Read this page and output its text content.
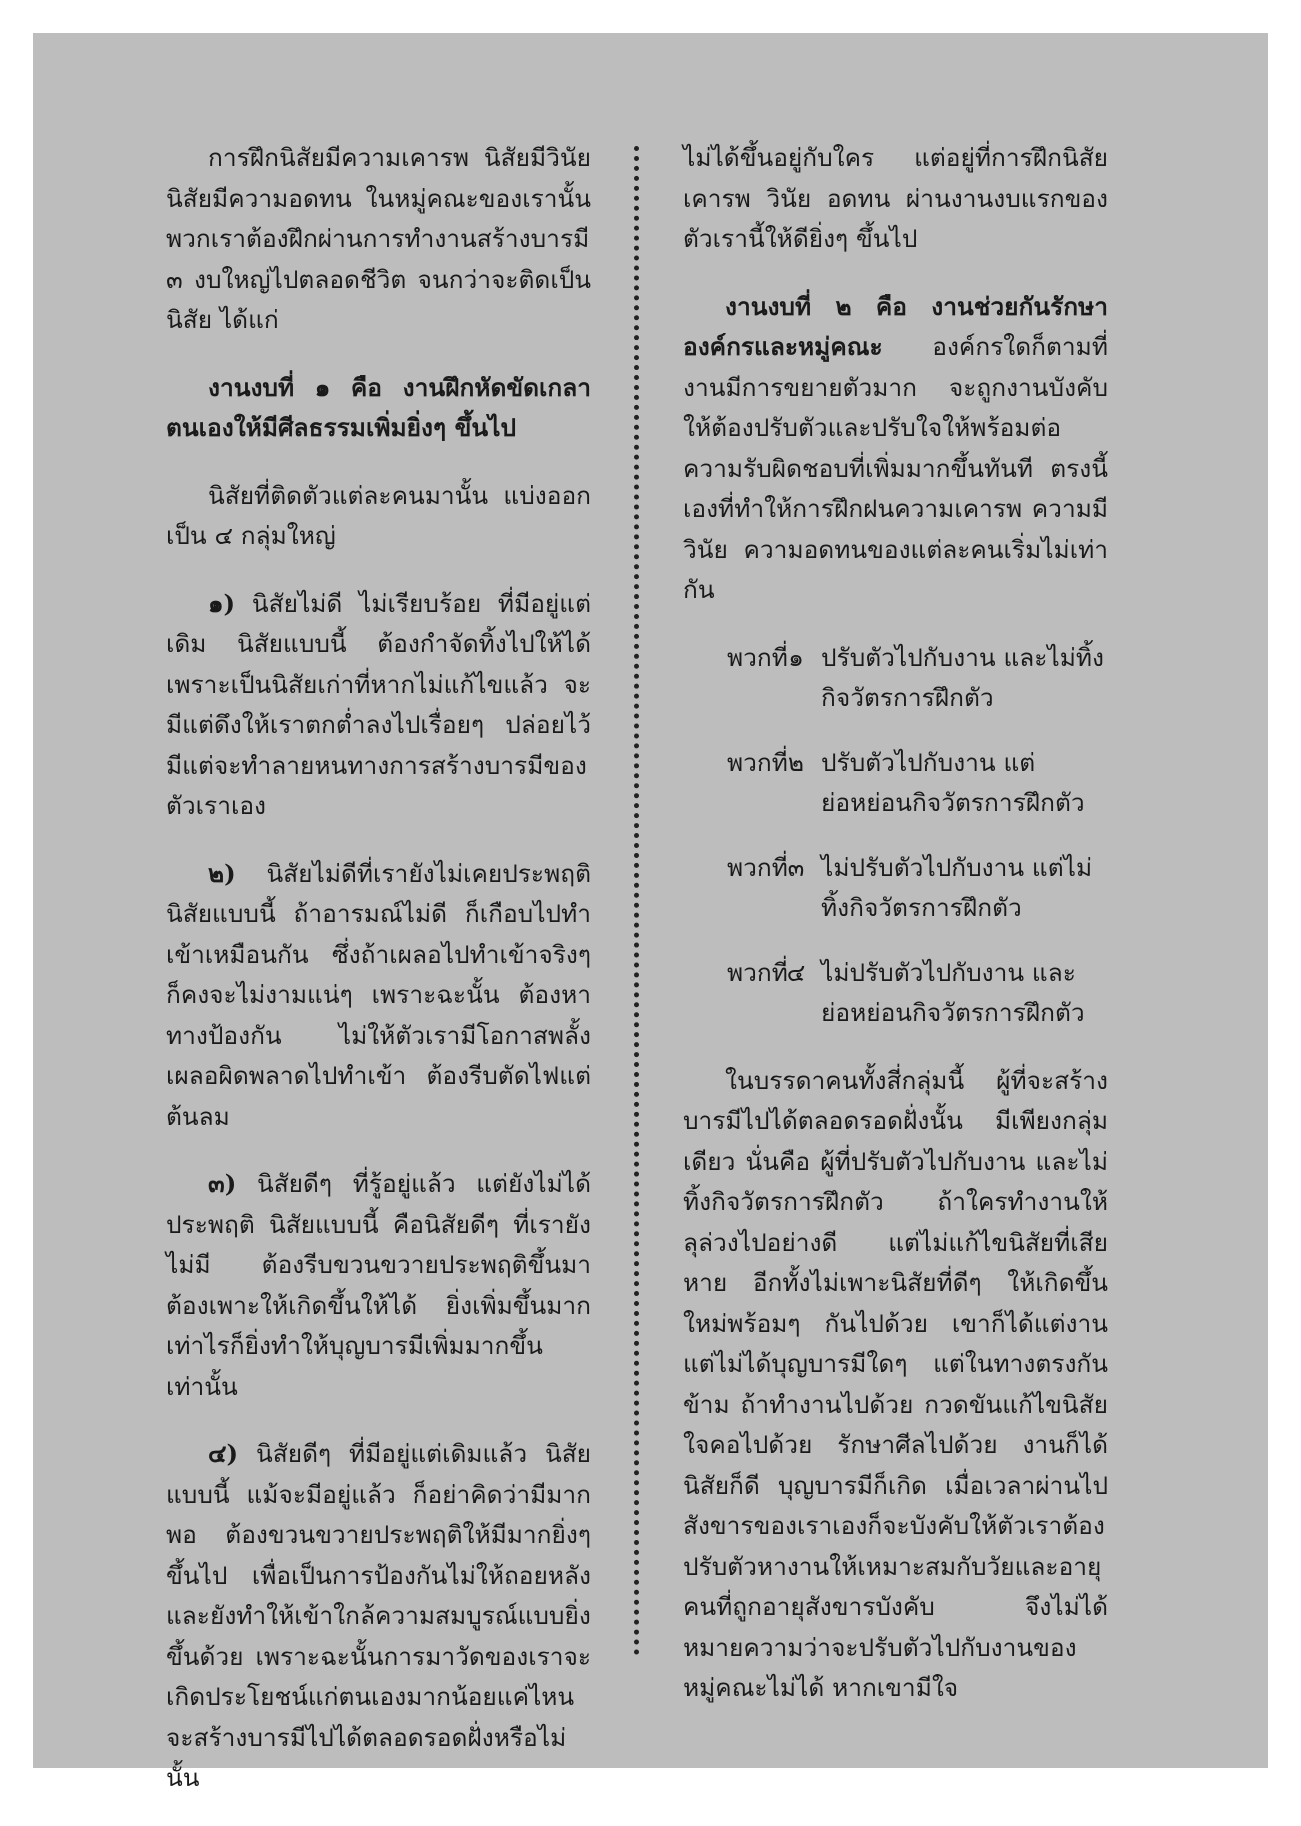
การฝึกนิสัยมีความเคารพ นิสัยมีวินัย นิสัยมีความอดทน ในหมู่คณะของเรานั้น พวกเราต้องฝึกผ่านการทำงานสร้างบารมี ๓ งบใหญ่ไปตลอดชีวิต จนกว่าจะติดเป็นนิสัย ได้แก่

งานงบที่ ๑ คือ งานฝึกหัดขัดเกลาตนเองให้มีศีลธรรมเพิ่มยิ่งๆ ขึ้นไป

นิสัยที่ติดตัวแต่ละคนมานั้น แบ่งออกเป็น ๔ กลุ่มใหญ่

๑) นิสัยไม่ดี ไม่เรียบร้อย ที่มีอยู่แต่เดิม นิสัยแบบนี้ ต้องกำจัดทิ้งไปให้ได้ เพราะเป็นนิสัยเก่าที่หากไม่แก้ไขแล้ว จะมีแต่ดึงให้เราตกต่ำลงไปเรื่อยๆ ปล่อยไว้มีแต่จะทำลายหนทางการสร้างบารมีของตัวเราเอง

๒) นิสัยไม่ดีที่เรายังไม่เคยประพฤติ นิสัยแบบนี้ ถ้าอารมณ์ไม่ดี ก็เกือบไปทำเข้าเหมือนกัน ซึ่งถ้าเผลอไปทำเข้าจริงๆ ก็คงจะไม่งามแน่ๆ เพราะฉะนั้น ต้องหาทางป้องกัน ไม่ให้ตัวเรามีโอกาสพลั้งเผลอผิดพลาดไปทำเข้า ต้องรีบตัดไฟแต่ต้นลม

๓) นิสัยดีๆ ที่รู้อยู่แล้ว แต่ยังไม่ได้ประพฤติ นิสัยแบบนี้ คือนิสัยดีๆ ที่เรายังไม่มี ต้องรีบขวนขวายประพฤติขึ้นมา ต้องเพาะให้เกิดขึ้นให้ได้ ยิ่งเพิ่มขึ้นมากเท่าไรก็ยิ่งทำให้บุญบารมีเพิ่มมากขึ้นเท่านั้น

๔) นิสัยดีๆ ที่มีอยู่แต่เดิมแล้ว นิสัยแบบนี้ แม้จะมีอยู่แล้ว ก็อย่าคิดว่ามีมากพอ ต้องขวนขวายประพฤติให้มีมากยิ่งๆ ขึ้นไป เพื่อเป็นการป้องกันไม่ให้ถอยหลัง และยังทำให้เข้าใกล้ความสมบูรณ์แบบยิ่งขึ้นด้วย เพราะฉะนั้นการมาวัดของเราจะเกิดประโยชน์แก่ตนเองมากน้อยแค่ไหน จะสร้างบารมีไปได้ตลอดรอดฝั่งหรือไม่นั้น

ไม่ได้ขึ้นอยู่กับใคร แต่อยู่ที่การฝึกนิสัยเคารพ วินัย อดทน ผ่านงานงบแรกของตัวเรานี้ให้ดียิ่งๆ ขึ้นไป

งานงบที่ ๒ คือ งานช่วยกันรักษาองค์กรและหมู่คณะ องค์กรใดก็ตามที่งานมีการขยายตัวมาก จะถูกงานบังคับให้ต้องปรับตัวและปรับใจให้พร้อมต่อความรับผิดชอบที่เพิ่มมากขึ้นทันที ตรงนี้เองที่ทำให้การฝึกฝนความเคารพ ความมีวินัย ความอดทนของแต่ละคนเริ่มไม่เท่ากัน

พวกที่ ๑ ปรับตัวไปกับงาน และไม่ทิ้งกิจวัตรการฝึกตัว
พวกที่ ๒ ปรับตัวไปกับงาน แต่ย่อหย่อนกิจวัตรการฝึกตัว
พวกที่ ๓ ไม่ปรับตัวไปกับงาน แต่ไม่ทิ้งกิจวัตรการฝึกตัว
พวกที่
๔ ไม่ปรับตัวไปกับงาน และย่อหย่อนกิจวัตรการฝึกตัว

ในบรรดาคนทั้งสี่กลุ่มนี้ ผู้ที่จะสร้างบารมีไปได้ตลอดรอดฝั่งนั้น มีเพียงกลุ่มเดียว นั่นคือ ผู้ที่ปรับตัวไปกับงาน และไม่ทิ้งกิจวัตรการฝึกตัว ถ้าใครทำงานให้ลุล่วงไปอย่างดี แต่ไม่แก้ไขนิสัยที่เสียหาย อีกทั้งไม่เพาะนิสัยที่ดีๆ ให้เกิดขึ้นใหม่พร้อมๆ กันไปด้วย เขาก็ได้แต่งาน แต่ไม่ได้บุญบารมีใดๆ แต่ในทางตรงกันข้าม ถ้าทำงานไปด้วย กวดขันแก้ไขนิสัยใจคอไปด้วย รักษาศีลไปด้วย งานก็ได้ นิสัยก็ดี บุญบารมีก็เกิด เมื่อเวลาผ่านไปสังขารของเราเองก็จะบังคับให้ตัวเราต้องปรับตัวหางานให้เหมาะสมกับวัยและอายุ คนที่ถูกอายุสังขารบังคับ จึงไม่ได้หมายความว่าจะปรับตัวไปกับงานของหมู่คณะไม่ได้ หากเขามีใจ
